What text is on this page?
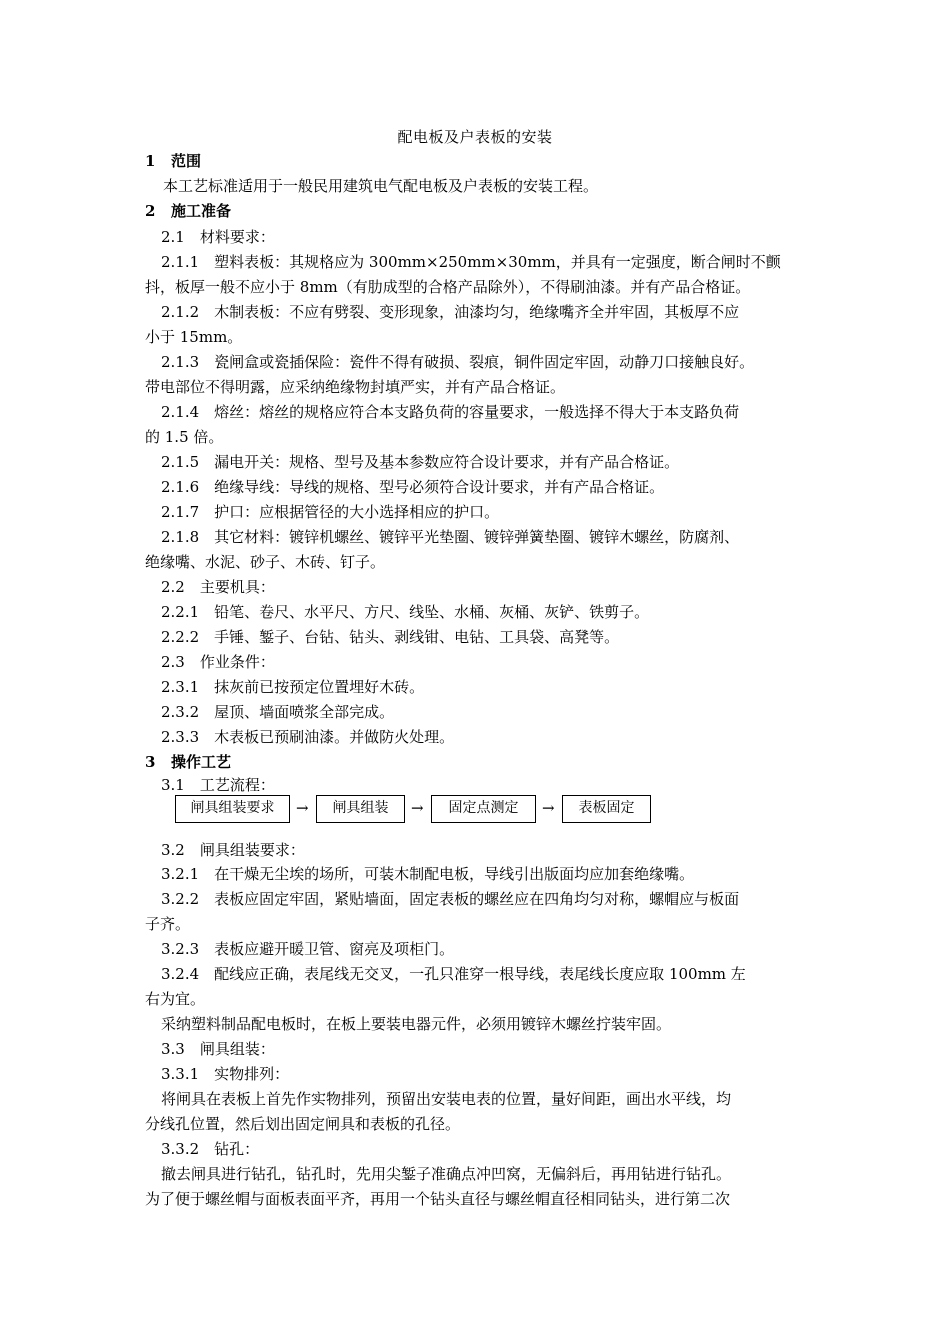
配电板及户表板的安装
1 范围
本工艺标准适用于一般民用建筑电气配电板及户表板的安装工程。
2 施工准备
2.1　材料要求：
2.1.1　塑料表板：其规格应为 300mm×250mm×30mm，并具有一定强度，断合闸时不颤
抖，板厚一般不应小于 8mm（有肋成型的合格产品除外），不得刷油漆。并有产品合格证。
2.1.2　木制表板：不应有劈裂、变形现象，油漆均匀，绝缘嘴齐全并牢固，其板厚不应
小于 15mm。
2.1.3　瓷闸盒或瓷插保险：瓷件不得有破损、裂痕，铜件固定牢固，动静刀口接触良好。
带电部位不得明露，应采纳绝缘物封填严实，并有产品合格证。
2.1.4　熔丝：熔丝的规格应符合本支路负荷的容量要求，一般选择不得大于本支路负荷
的 1.5 倍。
2.1.5　漏电开关：规格、型号及基本参数应符合设计要求，并有产品合格证。
2.1.6　绝缘导线：导线的规格、型号必须符合设计要求，并有产品合格证。
2.1.7　护口：应根据管径的大小选择相应的护口。
2.1.8　其它材料：镀锌机螺丝、镀锌平光垫圈、镀锌弹簧垫圈、镀锌木螺丝，防腐剂、
绝缘嘴、水泥、砂子、木砖、钉子。
2.2　主要机具：
2.2.1　铅笔、卷尺、水平尺、方尺、线坠、水桶、灰桶、灰铲、铁剪子。
2.2.2　手锤、錾子、台钻、钻头、剥线钳、电钻、工具袋、高凳等。
2.3　作业条件：
2.3.1　抹灰前已按预定位置埋好木砖。
2.3.2　屋顶、墙面喷浆全部完成。
2.3.3　木表板已预刷油漆。并做防火处理。
3 操作工艺
3.1　工艺流程：
闸具组装要求	→	闸具组装	→	固定点测定	→	表板固定
3.2　闸具组装要求：
3.2.1　在干燥无尘埃的场所，可装木制配电板，导线引出版面均应加套绝缘嘴。
3.2.2　表板应固定牢固，紧贴墙面，固定表板的螺丝应在四角均匀对称，螺帽应与板面
子齐。
3.2.3　表板应避开暖卫管、窗亮及项柜门。
3.2.4　配线应正确，表尾线无交叉，一孔只准穿一根导线，表尾线长度应取 100mm 左
右为宜。
采纳塑料制品配电板时，在板上要装电器元件，必须用镀锌木螺丝拧装牢固。
3.3　闸具组装：
3.3.1　实物排列：
将闸具在表板上首先作实物排列，预留出安装电表的位置，量好间距，画出水平线，均
分线孔位置，然后划出固定闸具和表板的孔径。
3.3.2　钻孔：
撤去闸具进行钻孔，钻孔时，先用尖錾子准确点冲凹窝，无偏斜后，再用钻进行钻孔。
为了便于螺丝帽与面板表面平齐，再用一个钻头直径与螺丝帽直径相同钻头，进行第二次
